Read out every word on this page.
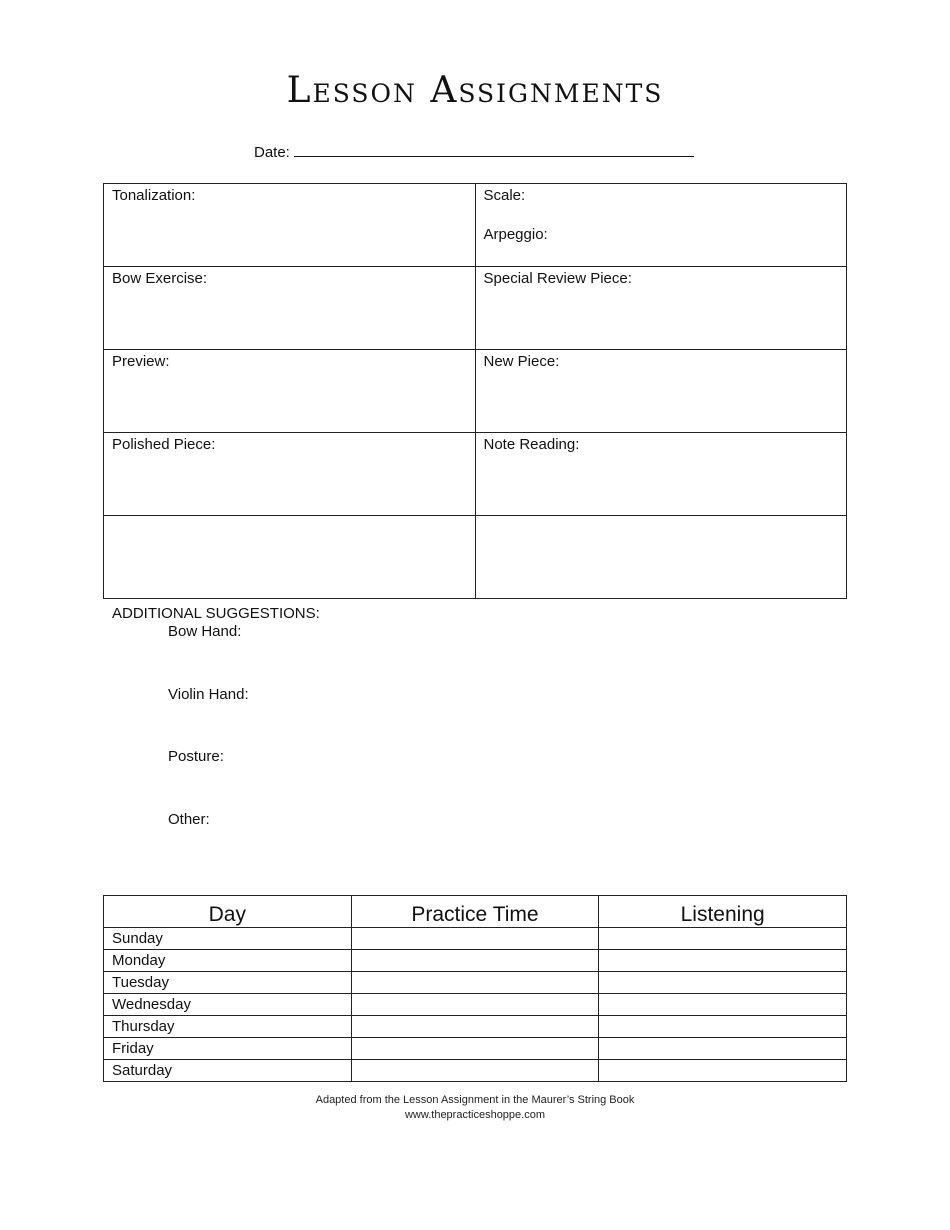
Lesson Assignments
Date:
Tonalization:	Scale:
Arpeggio:

Bow Exercise:	Special Review Piece:

Preview:	New Piece:

Polished Piece:	Note Reading:

ADDITIONAL SUGGESTIONS:
Bow Hand:
Violin Hand:
Posture:
Other:
Day	Practice Time	Listening
Sunday		
Monday		
Tuesday		
Wednesday		
Thursday		
Friday		
Saturday		
Adapted from the Lesson Assignment in the Maurer’s String Book
www.thepracticeshoppe.com
